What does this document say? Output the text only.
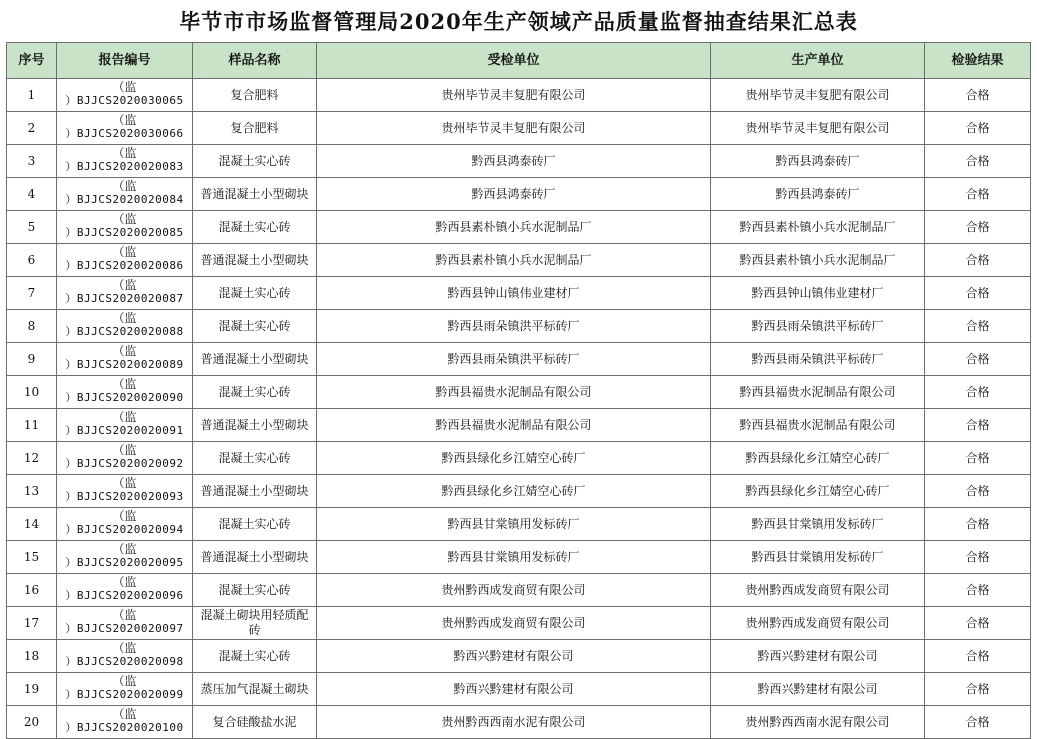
毕节市市场监督管理局2020年生产领域产品质量监督抽查结果汇总表
序号	报告编号	样品名称	受检单位	生产单位	检验结果
1	（监
）BJJCS2020030065	复合肥料	贵州毕节灵丰复肥有限公司	贵州毕节灵丰复肥有限公司	合格
2	（监
）BJJCS2020030066	复合肥料	贵州毕节灵丰复肥有限公司	贵州毕节灵丰复肥有限公司	合格
3	（监
）BJJCS2020020083	混凝土实心砖	黔西县鸿泰砖厂	黔西县鸿泰砖厂	合格
4	（监
）BJJCS2020020084	普通混凝土小型砌块	黔西县鸿泰砖厂	黔西县鸿泰砖厂	合格
5	（监
）BJJCS2020020085	混凝土实心砖	黔西县素朴镇小兵水泥制品厂	黔西县素朴镇小兵水泥制品厂	合格
6	（监
）BJJCS2020020086	普通混凝土小型砌块	黔西县素朴镇小兵水泥制品厂	黔西县素朴镇小兵水泥制品厂	合格
7	（监
）BJJCS2020020087	混凝土实心砖	黔西县钟山镇伟业建材厂	黔西县钟山镇伟业建材厂	合格
8	（监
）BJJCS2020020088	混凝土实心砖	黔西县雨朵镇洪平标砖厂	黔西县雨朵镇洪平标砖厂	合格
9	（监
）BJJCS2020020089	普通混凝土小型砌块	黔西县雨朵镇洪平标砖厂	黔西县雨朵镇洪平标砖厂	合格
10	（监
）BJJCS2020020090	混凝土实心砖	黔西县福贵水泥制品有限公司	黔西县福贵水泥制品有限公司	合格
11	（监
）BJJCS2020020091	普通混凝土小型砌块	黔西县福贵水泥制品有限公司	黔西县福贵水泥制品有限公司	合格
12	（监
）BJJCS2020020092	混凝土实心砖	黔西县绿化乡江婧空心砖厂	黔西县绿化乡江婧空心砖厂	合格
13	（监
）BJJCS2020020093	普通混凝土小型砌块	黔西县绿化乡江婧空心砖厂	黔西县绿化乡江婧空心砖厂	合格
14	（监
）BJJCS2020020094	混凝土实心砖	黔西县甘棠镇用发标砖厂	黔西县甘棠镇用发标砖厂	合格
15	（监
）BJJCS2020020095	普通混凝土小型砌块	黔西县甘棠镇用发标砖厂	黔西县甘棠镇用发标砖厂	合格
16	（监
）BJJCS2020020096	混凝土实心砖	贵州黔西成发商贸有限公司	贵州黔西成发商贸有限公司	合格
17	（监
）BJJCS2020020097	混凝土砌块用轻质配砖	贵州黔西成发商贸有限公司	贵州黔西成发商贸有限公司	合格
18	（监
）BJJCS2020020098	混凝土实心砖	黔西兴黔建材有限公司	黔西兴黔建材有限公司	合格
19	（监
）BJJCS2020020099	蒸压加气混凝土砌块	黔西兴黔建材有限公司	黔西兴黔建材有限公司	合格
20	（监
）BJJCS2020020100	复合硅酸盐水泥	贵州黔西西南水泥有限公司	贵州黔西西南水泥有限公司	合格
